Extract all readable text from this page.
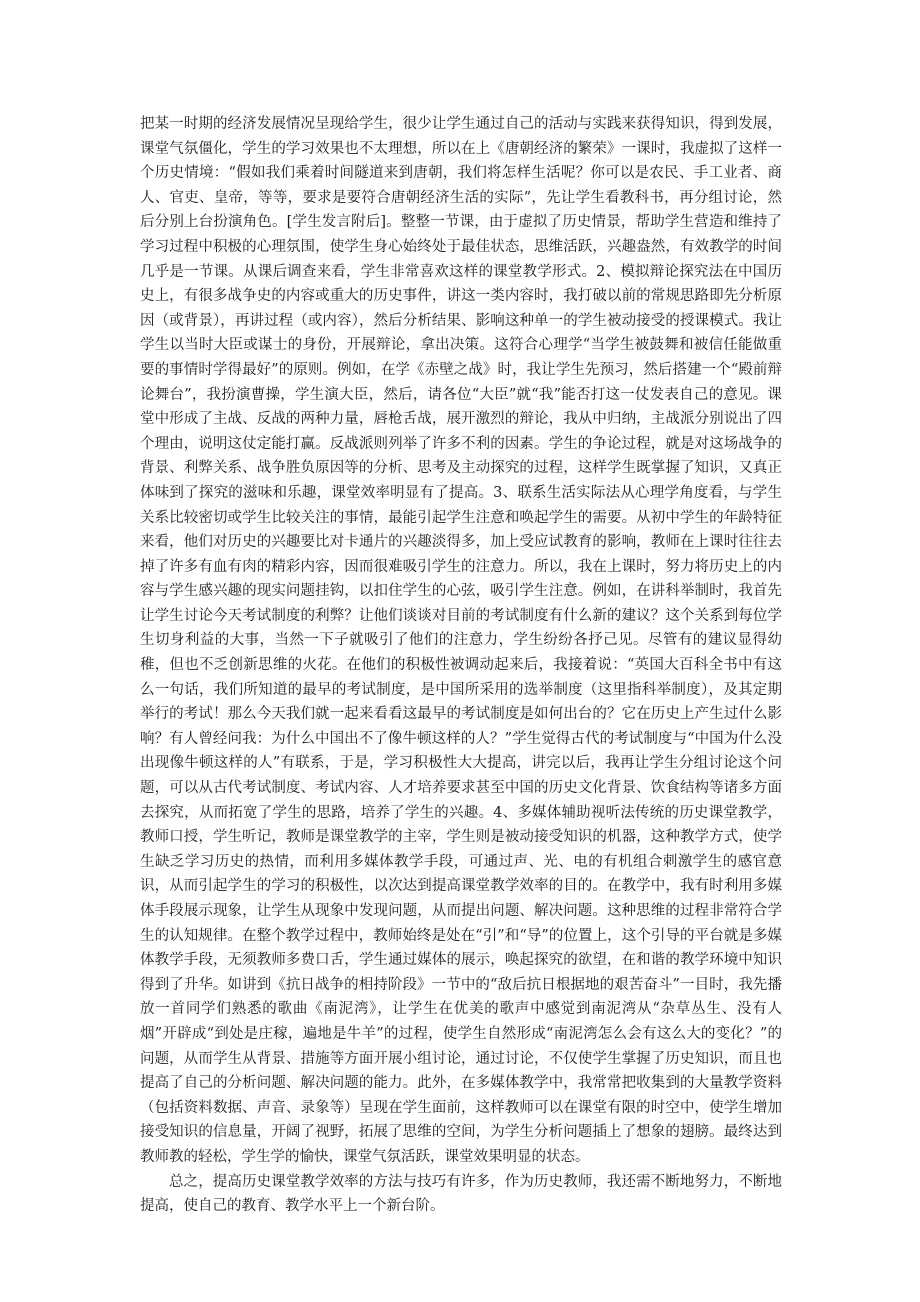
把某一时期的经济发展情况呈现给学生，很少让学生通过自己的活动与实践来获得知识，得到发展，课堂气氛僵化，学生的学习效果也不太理想，所以在上《唐朝经济的繁荣》一课时，我虚拟了这样一个历史情境：“假如我们乘着时间隧道来到唐朝，我们将怎样生活呢？你可以是农民、手工业者、商人、官吏、皇帝，等等，要求是要符合唐朝经济生活的实际”，先让学生看教科书，再分组讨论，然后分别上台扮演角色。[学生发言附后]。整整一节课，由于虚拟了历史情景，帮助学生营造和维持了学习过程中积极的心理氛围，使学生身心始终处于最佳状态，思维活跃，兴趣盎然，有效教学的时间几乎是一节课。从课后调查来看，学生非常喜欢这样的课堂教学形式。2、模拟辩论探究法在中国历史上，有很多战争史的内容或重大的历史事件，讲这一类内容时，我打破以前的常规思路即先分析原因（或背景），再讲过程（或内容），然后分析结果、影响这种单一的学生被动接受的授课模式。我让学生以当时大臣或谋士的身份，开展辩论，拿出决策。这符合心理学“当学生被鼓舞和被信任能做重要的事情时学得最好”的原则。例如，在学《赤壁之战》时，我让学生先预习，然后搭建一个“殿前辩论舞台”，我扮演曹操，学生演大臣，然后，请各位“大臣”就“我”能否打这一仗发表自己的意见。课堂中形成了主战、反战的两种力量，唇枪舌战，展开激烈的辩论，我从中归纳，主战派分别说出了四个理由，说明这仗定能打赢。反战派则列举了许多不利的因素。学生的争论过程，就是对这场战争的背景、利弊关系、战争胜负原因等的分析、思考及主动探究的过程，这样学生既掌握了知识，又真正体味到了探究的滋味和乐趣，课堂效率明显有了提高。3、联系生活实际法从心理学角度看，与学生关系比较密切或学生比较关注的事情，最能引起学生注意和唤起学生的需要。从初中学生的年龄特征来看，他们对历史的兴趣要比对卡通片的兴趣淡得多，加上受应试教育的影响，教师在上课时往往去掉了许多有血有肉的精彩内容，因而很难吸引学生的注意力。所以，我在上课时，努力将历史上的内容与学生感兴趣的现实问题挂钩，以扣住学生的心弦，吸引学生注意。例如，在讲科举制时，我首先让学生讨论今天考试制度的利弊？让他们谈谈对目前的考试制度有什么新的建议？这个关系到每位学生切身利益的大事，当然一下子就吸引了他们的注意力，学生纷纷各抒己见。尽管有的建议显得幼稚，但也不乏创新思维的火花。在他们的积极性被调动起来后，我接着说：“英国大百科全书中有这么一句话，我们所知道的最早的考试制度，是中国所采用的选举制度（这里指科举制度），及其定期举行的考试！那么今天我们就一起来看看这最早的考试制度是如何出台的？它在历史上产生过什么影响？有人曾经问我：为什么中国出不了像牛顿这样的人？”学生觉得古代的考试制度与“中国为什么没出现像牛顿这样的人”有联系，于是，学习积极性大大提高，讲完以后，我再让学生分组讨论这个问题，可以从古代考试制度、考试内容、人才培养要求甚至中国的历史文化背景、饮食结构等诸多方面去探究，从而拓宽了学生的思路，培养了学生的兴趣。4、多媒体辅助视听法传统的历史课堂教学，教师口授，学生听记，教师是课堂教学的主宰，学生则是被动接受知识的机器，这种教学方式，使学生缺乏学习历史的热情，而利用多媒体教学手段，可通过声、光、电的有机组合刺激学生的感官意识，从而引起学生的学习的积极性，以次达到提高课堂教学效率的目的。在教学中，我有时利用多媒体手段展示现象，让学生从现象中发现问题，从而提出问题、解决问题。这种思维的过程非常符合学生的认知规律。在整个教学过程中，教师始终是处在“引”和“导”的位置上，这个引导的平台就是多媒体教学手段，无须教师多费口舌，学生通过媒体的展示，唤起探究的欲望，在和谐的教学环境中知识得到了升华。如讲到《抗日战争的相持阶段》一节中的“敌后抗日根据地的艰苦奋斗”一目时，我先播放一首同学们熟悉的歌曲《南泥湾》，让学生在优美的歌声中感觉到南泥湾从“杂草丛生、没有人烟”开辟成“到处是庄稼，遍地是牛羊”的过程，使学生自然形成“南泥湾怎么会有这么大的变化？”的问题，从而学生从背景、措施等方面开展小组讨论，通过讨论，不仅使学生掌握了历史知识，而且也提高了自己的分析问题、解决问题的能力。此外，在多媒体教学中，我常常把收集到的大量教学资料（包括资料数据、声音、录象等）呈现在学生面前，这样教师可以在课堂有限的时空中，使学生增加接受知识的信息量，开阔了视野，拓展了思维的空间，为学生分析问题插上了想象的翅膀。最终达到教师教的轻松，学生学的愉快，课堂气氛活跃，课堂效果明显的状态。

总之，提高历史课堂教学效率的方法与技巧有许多，作为历史教师，我还需不断地努力，不断地提高，使自己的教育、教学水平上一个新台阶。
